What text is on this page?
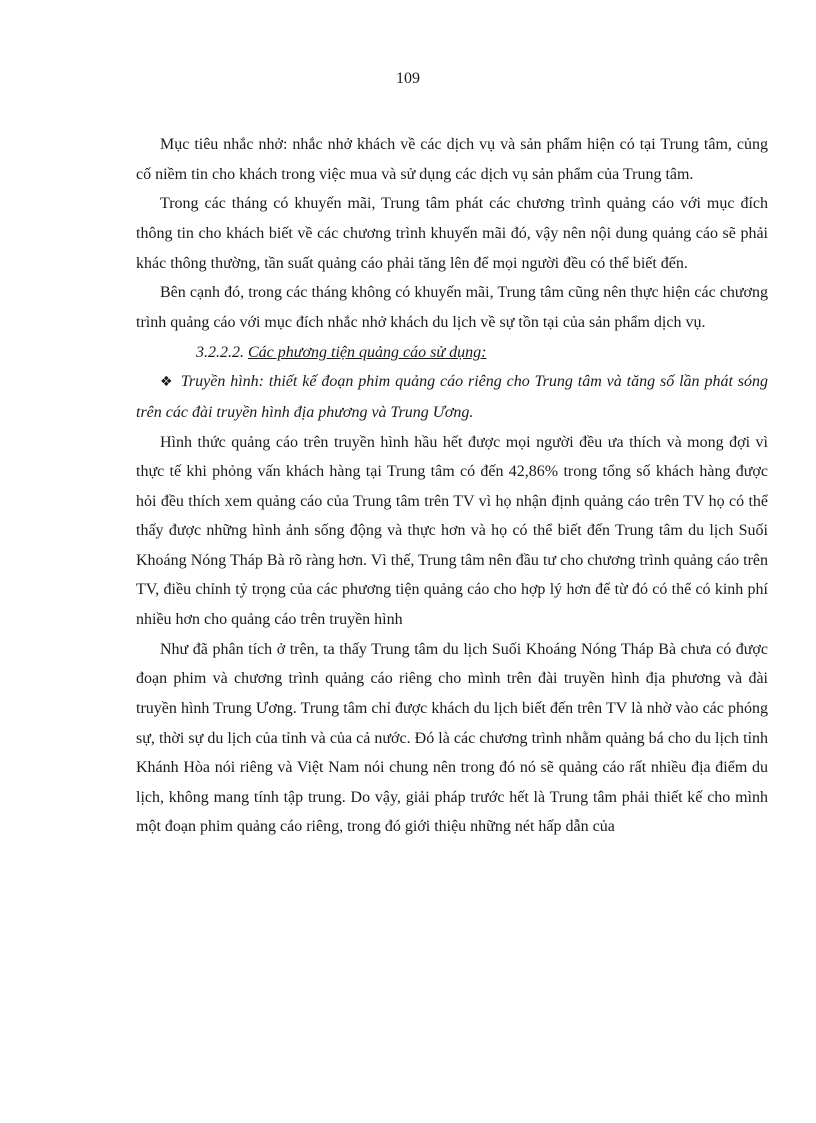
109

Mục tiêu nhắc nhở: nhắc nhở khách về các dịch vụ và sản phẩm hiện có tại Trung tâm, củng cố niềm tin cho khách trong việc mua và sử dụng các dịch vụ sản phẩm của Trung tâm.

Trong các tháng có khuyến mãi, Trung tâm phát các chương trình quảng cáo với mục đích thông tin cho khách biết về các chương trình khuyến mãi đó, vậy nên nội dung quảng cáo sẽ phải khác thông thường, tần suất quảng cáo phải tăng lên để mọi người đều có thể biết đến.

Bên cạnh đó, trong các tháng không có khuyến mãi, Trung tâm cũng nên thực hiện các chương trình quảng cáo với mục đích nhắc nhở khách du lịch về sự tồn tại của sản phẩm dịch vụ.

3.2.2.2. Các phương tiện quảng cáo sử dụng:

❖ Truyền hình: thiết kế đoạn phim quảng cáo riêng cho Trung tâm và tăng số lần phát sóng trên các đài truyền hình địa phương và Trung Ương.

Hình thức quảng cáo trên truyền hình hầu hết được mọi người đều ưa thích và mong đợi vì thực tế khi phỏng vấn khách hàng tại Trung tâm có đến 42,86% trong tổng số khách hàng được hỏi đều thích xem quảng cáo của Trung tâm trên TV vì họ nhận định quảng cáo trên TV họ có thể thấy được những hình ảnh sống động và thực hơn và họ có thể biết đến Trung tâm du lịch Suối Khoáng Nóng Tháp Bà rõ ràng hơn. Vì thế, Trung tâm nên đầu tư cho chương trình quảng cáo trên TV, điều chỉnh tỷ trọng của các phương tiện quảng cáo cho hợp lý hơn để từ đó có thể có kinh phí nhiều hơn cho quảng cáo trên truyền hình

Như đã phân tích ở trên, ta thấy Trung tâm du lịch Suối Khoáng Nóng Tháp Bà chưa có được đoạn phim và chương trình quảng cáo riêng cho mình trên đài truyền hình địa phương và đài truyền hình Trung Ương. Trung tâm chỉ được khách du lịch biết đến trên TV là nhờ vào các phóng sự, thời sự du lịch của tỉnh và của cả nước. Đó là các chương trình nhằm quảng bá cho du lịch tỉnh Khánh Hòa nói riêng và Việt Nam nói chung nên trong đó nó sẽ quảng cáo rất nhiều địa điểm du lịch, không mang tính tập trung. Do vậy, giải pháp trước hết là Trung tâm phải thiết kế cho mình một đoạn phim quảng cáo riêng, trong đó giới thiệu những nét hấp dẫn của
